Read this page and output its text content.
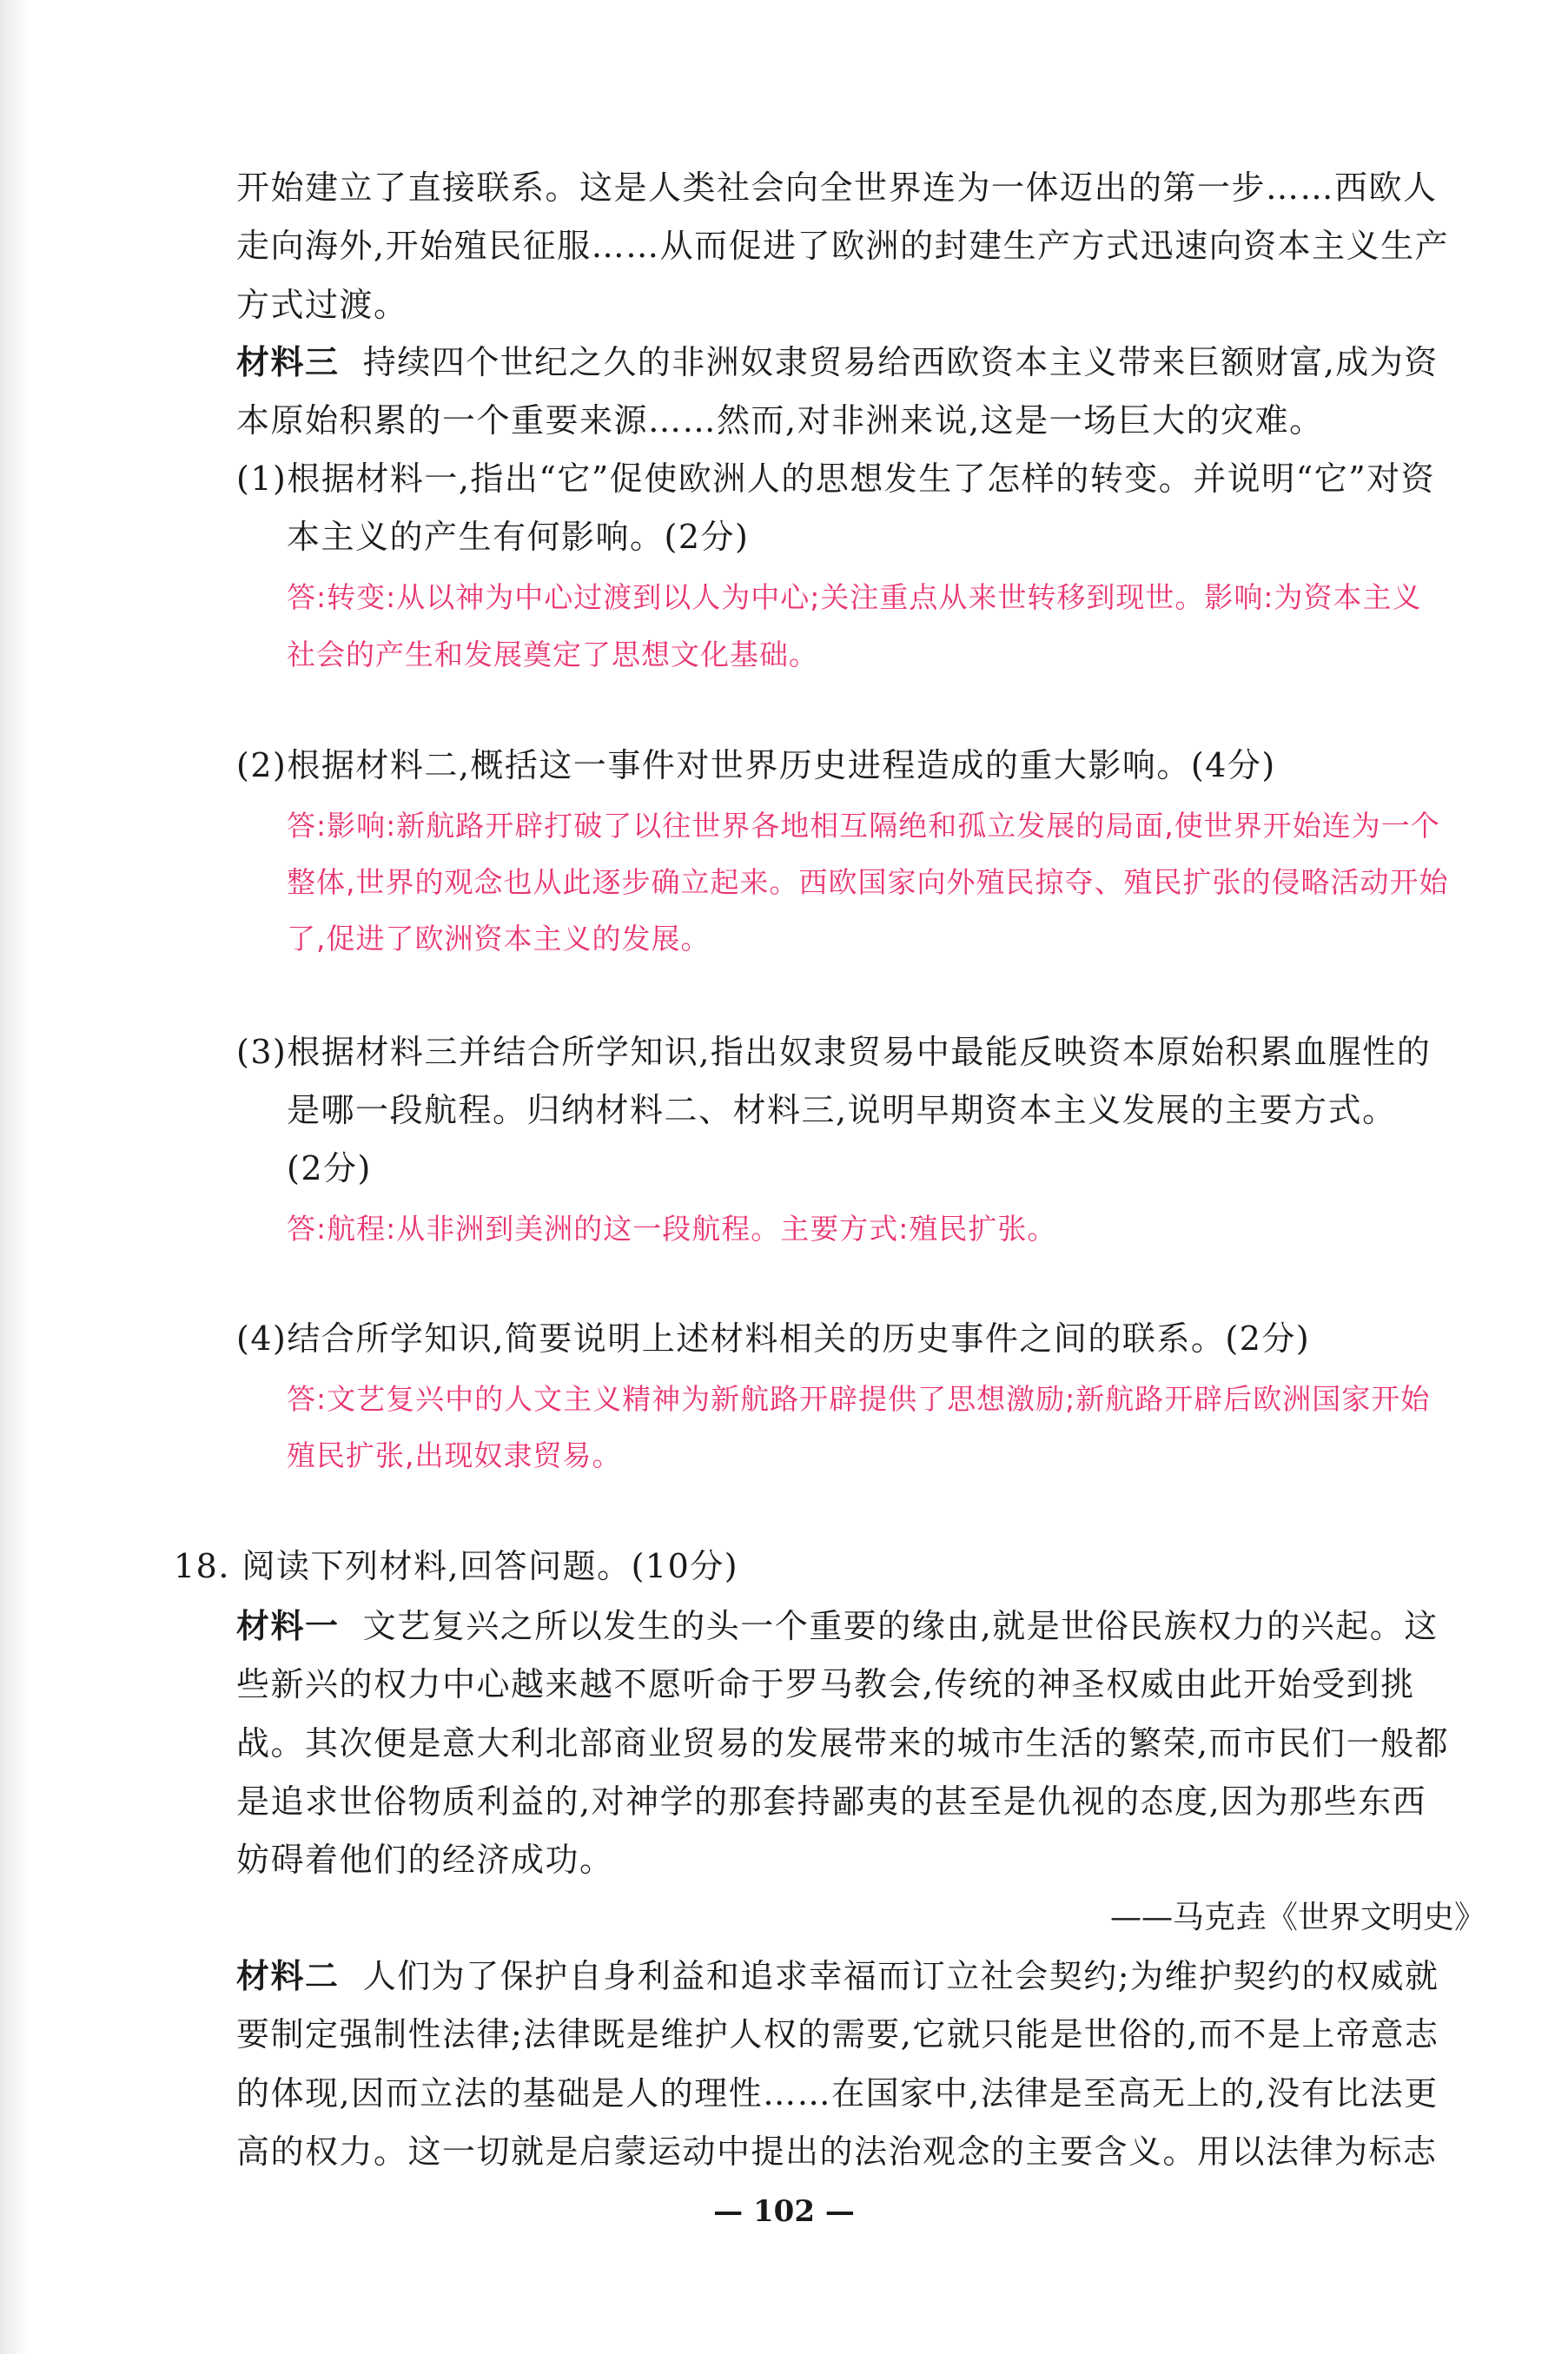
开始建立了直接联系。这是人类社会向全世界连为一体迈出的第一步……西欧人
走向海外,开始殖民征服……从而促进了欧洲的封建生产方式迅速向资本主义生产
方式过渡。
材料三 持续四个世纪之久的非洲奴隶贸易给西欧资本主义带来巨额财富,成为资
本原始积累的一个重要来源……然而,对非洲来说,这是一场巨大的灾难。
(1)根据材料一,指出“它”促使欧洲人的思想发生了怎样的转变。并说明“它”对资
本主义的产生有何影响。(2分)
答:转变:从以神为中心过渡到以人为中心;关注重点从来世转移到现世。影响:为资本主义
社会的产生和发展奠定了思想文化基础。
(2)根据材料二,概括这一事件对世界历史进程造成的重大影响。(4分)
答:影响:新航路开辟打破了以往世界各地相互隔绝和孤立发展的局面,使世界开始连为一个
整体,世界的观念也从此逐步确立起来。西欧国家向外殖民掠夺、殖民扩张的侵略活动开始
了,促进了欧洲资本主义的发展。
(3)根据材料三并结合所学知识,指出奴隶贸易中最能反映资本原始积累血腥性的
是哪一段航程。归纳材料二、材料三,说明早期资本主义发展的主要方式。
(2分)
答:航程:从非洲到美洲的这一段航程。主要方式:殖民扩张。
(4)结合所学知识,简要说明上述材料相关的历史事件之间的联系。(2分)
答:文艺复兴中的人文主义精神为新航路开辟提供了思想激励;新航路开辟后欧洲国家开始
殖民扩张,出现奴隶贸易。
18. 阅读下列材料,回答问题。(10分)
材料一 文艺复兴之所以发生的头一个重要的缘由,就是世俗民族权力的兴起。这
些新兴的权力中心越来越不愿听命于罗马教会,传统的神圣权威由此开始受到挑
战。其次便是意大利北部商业贸易的发展带来的城市生活的繁荣,而市民们一般都
是追求世俗物质利益的,对神学的那套持鄙夷的甚至是仇视的态度,因为那些东西
妨碍着他们的经济成功。
——马克垚《世界文明史》
材料二 人们为了保护自身利益和追求幸福而订立社会契约;为维护契约的权威就
要制定强制性法律;法律既是维护人权的需要,它就只能是世俗的,而不是上帝意志
的体现,因而立法的基础是人的理性……在国家中,法律是至高无上的,没有比法更
高的权力。这一切就是启蒙运动中提出的法治观念的主要含义。用以法律为标志
— 102 —
